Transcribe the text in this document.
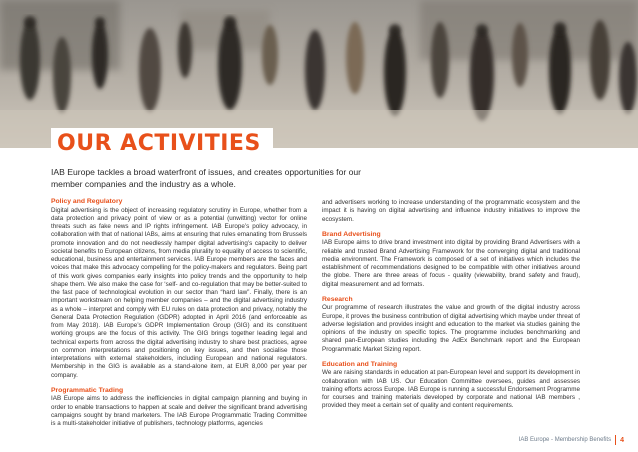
OUR ACTIVITIES
IAB Europe tackles a broad waterfront of issues, and creates opportunities for our member companies and the industry as a whole.
Policy and Regulatory

Digital advertising is the object of increasing regulatory scrutiny in Europe, whether from a data protection and privacy point of view or as a potential (unwitting) vector for online threats such as fake news and IP rights infringement. IAB Europe’s policy advocacy, in collaboration with that of national IABs, aims at ensuring that rules emanating from Brussels promote innovation and do not needlessly hamper digital advertising’s capacity to deliver societal benefits to European citizens, from media plurality to equality of access to scientific, educational, business and entertainment services. IAB Europe members are the faces and voices that make this advocacy compelling for the policy-makers and regulators. Being part of this work gives companies early insights into policy trends and the opportunity to help shape them. We also make the case for ‘self- and co-regulation that may be better-suited to the fast pace of technological evolution in our sector than “hard law”. Finally, there is an important workstream on helping member companies – and the digital advertising industry as a whole – interpret and comply with EU rules on data protection and privacy, notably the General Data Protection Regulation (GDPR) adopted in April 2016 (and enforceable as from May 2018). IAB Europe’s GDPR Implementation Group (GIG) and its constituent working groups are the focus of this activity. The GIG brings together leading legal and technical experts from across the digital advertising industry to share best practices, agree on common interpretations and positioning on key issues, and then socialise those interpretations with external stakeholders, including European and national regulators. Membership in the GIG is available as a stand-alone item, at EUR 8,000 per year per company.

Programmatic Trading

IAB Europe aims to address the inefficiencies in digital campaign planning and buying in order to enable transactions to happen at scale and deliver the significant brand advertising campaigns sought by brand marketers. The IAB Europe Programmatic Trading Committee is a multi-stakeholder initiative of publishers, technology platforms, agencies

and advertisers working to increase understanding of the programmatic ecosystem and the impact it is having on digital advertising and influence industry initiatives to improve the ecosystem.

Brand Advertising

IAB Europe aims to drive brand investment into digital by providing Brand Advertisers with a reliable and trusted Brand Advertising Framework for the converging digital and traditional media environment. The Framework is composed of a set of initiatives which includes the establishment of recommendations designed to be compatible with other initiatives around the globe. There are three areas of focus - quality (viewability, brand safety and fraud), digital measurement and ad formats.

Research

Our programme of research illustrates the value and growth of the digital industry across Europe, it proves the business contribution of digital advertising which maybe under threat of adverse legislation and provides insight and education to the market via studies gaining the opinions of the industry on specific topics. The programme includes benchmarking and shared pan-European studies including the AdEx Benchmark report and the European Programmatic Market Sizing report.

Education and Training

We are raising standards in education at pan-European level and support its development in collaboration with IAB US. Our Education Committee oversees, guides and assesses training efforts across Europe. IAB Europe is running a successful Endorsement Programme for courses and training materials developed by corporate and national IAB members , provided they meet a certain set of quality and content requirements.

IAB Europe - Membership Benefits 4
